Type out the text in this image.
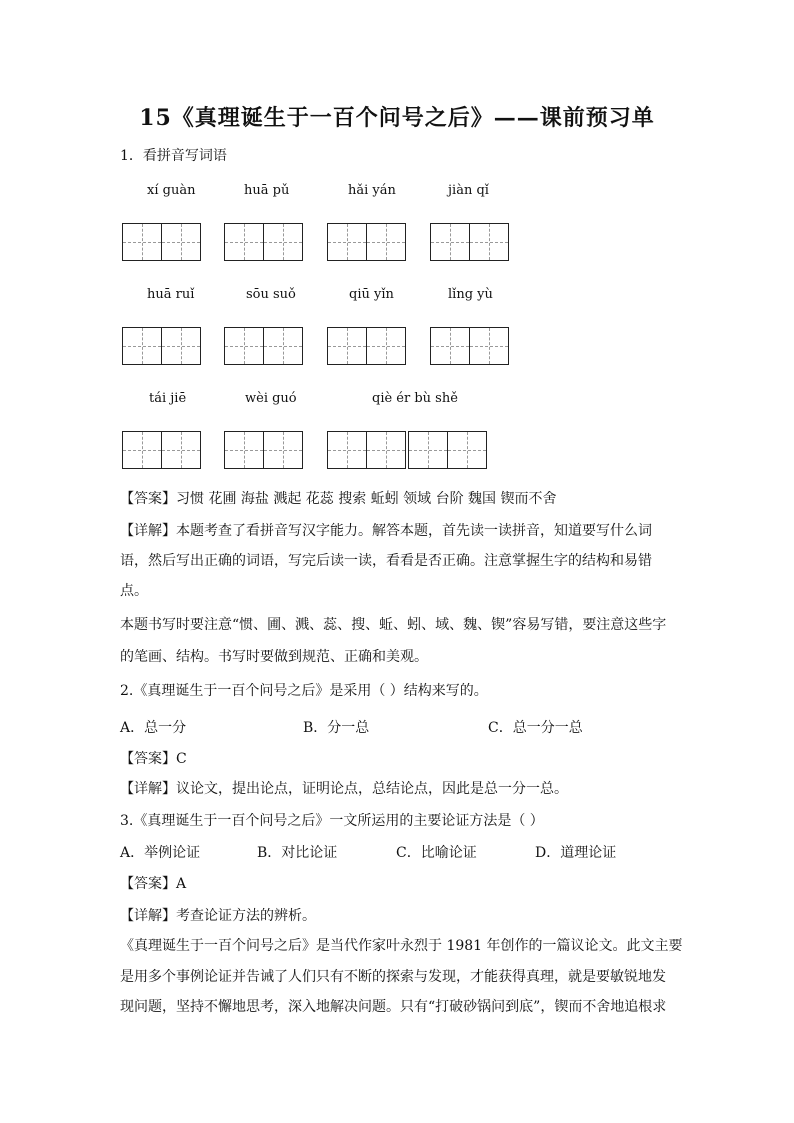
15《真理诞生于一百个问号之后》——课前预习单
1．看拼音写词语
xí guàn	huā pǔ	hǎi yán	jiàn qǐ
huā ruǐ	sōu suǒ	qiū yǐn	lǐng yù
tái jiē	wèi guó	qiè ér bù shě
【答案】习惯 花圃 海盐 溅起 花蕊 搜索 蚯蚓 领域 台阶 魏国 锲而不舍
【详解】本题考查了看拼音写汉字能力。解答本题，首先读一读拼音，知道要写什么词
语，然后写出正确的词语，写完后读一读，看看是否正确。注意掌握生字的结构和易错
点。
本题书写时要注意“惯、圃、溅、蕊、搜、蚯、蚓、域、魏、锲”容易写错，要注意这些字
的笔画、结构。书写时要做到规范、正确和美观。
2.《真理诞生于一百个问号之后》是采用（ ）结构来写的。
A．总一分	B．分一总	C．总一分一总
【答案】C
【详解】议论文，提出论点，证明论点，总结论点，因此是总一分一总。
3.《真理诞生于一百个问号之后》一文所运用的主要论证方法是（ ）
A．举例论证	B．对比论证	C．比喻论证	D．道理论证
【答案】A
【详解】考查论证方法的辨析。
《真理诞生于一百个问号之后》是当代作家叶永烈于 1981 年创作的一篇议论文。此文主要
是用多个事例论证并告诫了人们只有不断的探索与发现，才能获得真理，就是要敏锐地发
现问题，坚持不懈地思考，深入地解决问题。只有“打破砂锅问到底”，锲而不舍地追根求
